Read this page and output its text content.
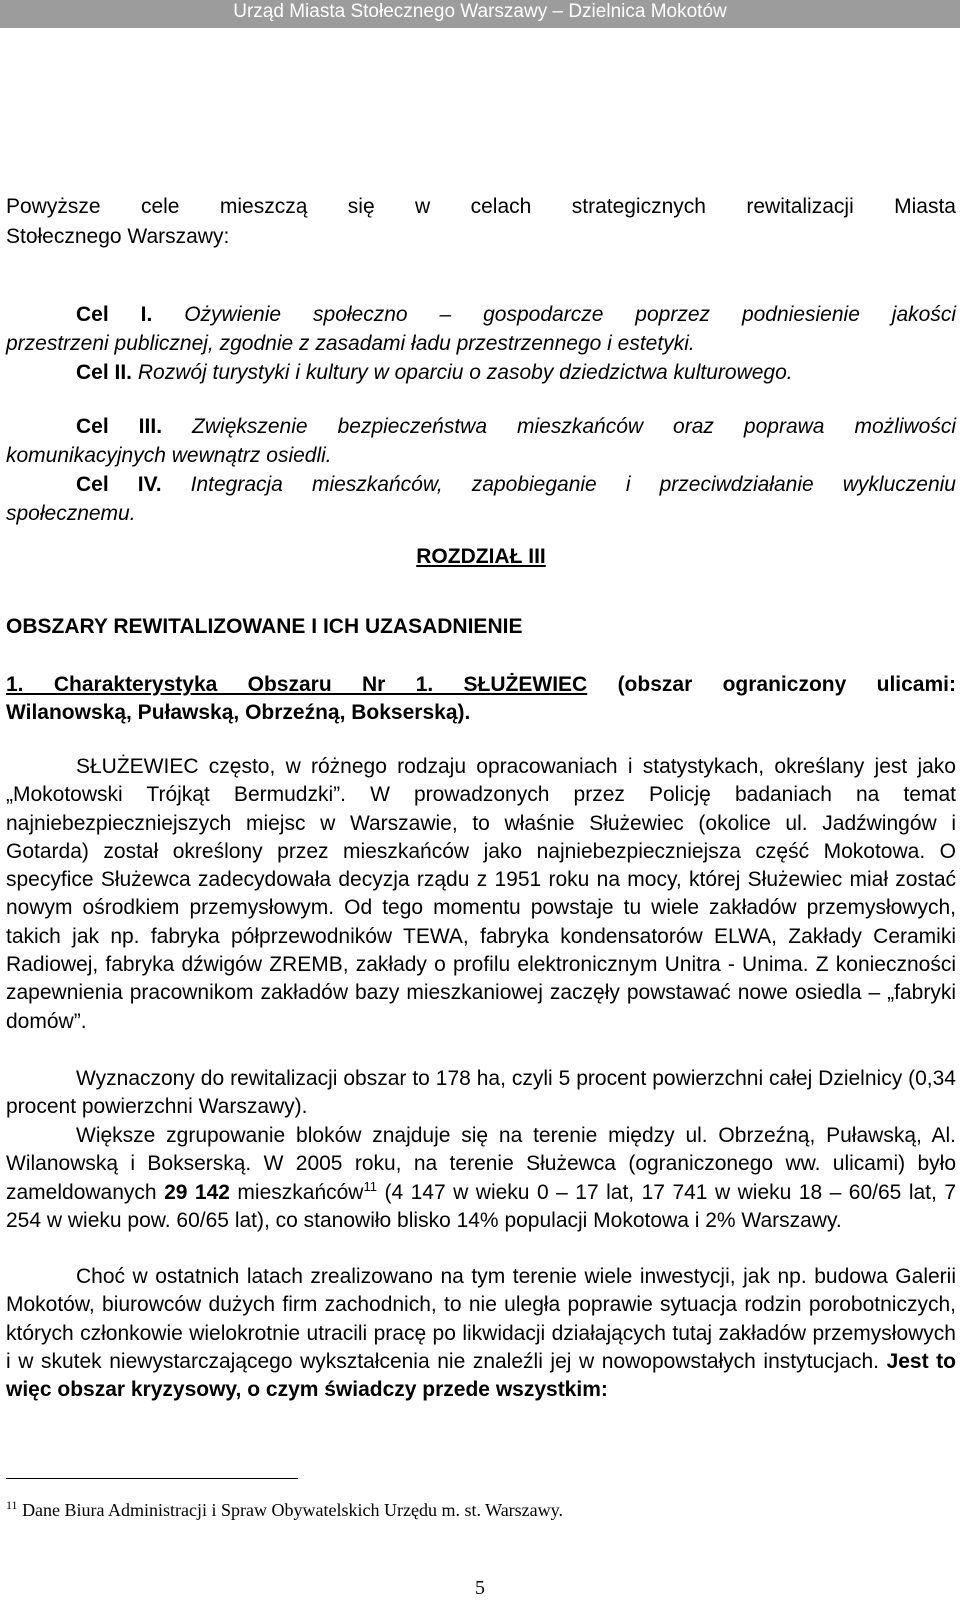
Urząd Miasta Stołecznego Warszawy – Dzielnica Mokotów
Powyższe cele mieszczą się w celach strategicznych rewitalizacji Miasta
Stołecznego Warszawy:
Cel I. Ożywienie społeczno – gospodarcze poprzez podniesienie jakości
przestrzeni publicznej, zgodnie z zasadami ładu przestrzennego i estetyki.
Cel II. Rozwój turystyki i kultury w oparciu o zasoby dziedzictwa kulturowego.
Cel III. Zwiększenie bezpieczeństwa mieszkańców oraz poprawa możliwości
komunikacyjnych wewnątrz osiedli.
Cel IV. Integracja mieszkańców, zapobieganie i przeciwdziałanie wykluczeniu
społecznemu.
ROZDZIAŁ III
OBSZARY REWITALIZOWANE I ICH UZASADNIENIE
1. Charakterystyka Obszaru Nr 1. SŁUŻEWIEC (obszar ograniczony ulicami:
Wilanowską, Puławską, Obrzeźną, Bokserską).
SŁUŻEWIEC często, w różnego rodzaju opracowaniach i statystykach, określany jest jako „Mokotowski Trójkąt Bermudzki”. W prowadzonych przez Policję badaniach na temat najniebezpieczniejszych miejsc w Warszawie, to właśnie Służewiec (okolice ul. Jadźwingów i Gotarda) został określony przez mieszkańców jako najniebezpieczniejsza część Mokotowa. O specyfice Służewca zadecydowała decyzja rządu z 1951 roku na mocy, której Służewiec miał zostać nowym ośrodkiem przemysłowym. Od tego momentu powstaje tu wiele zakładów przemysłowych, takich jak np. fabryka półprzewodników TEWA, fabryka kondensatorów ELWA, Zakłady Ceramiki Radiowej, fabryka dźwigów ZREMB, zakłady o profilu elektronicznym Unitra - Unima. Z konieczności zapewnienia pracownikom zakładów bazy mieszkaniowej zaczęły powstawać nowe osiedla – „fabryki domów”.
Wyznaczony do rewitalizacji obszar to 178 ha, czyli 5 procent powierzchni całej Dzielnicy (0,34 procent powierzchni Warszawy).
Większe zgrupowanie bloków znajduje się na terenie między ul. Obrzeźną, Puławską, Al. Wilanowską i Bokserską. W 2005 roku, na terenie Służewca (ograniczonego ww. ulicami) było zameldowanych 29 142 mieszkańców$^{11}$ (4 147 w wieku 0 – 17 lat, 17 741 w wieku 18 – 60/65 lat, 7 254 w wieku pow. 60/65 lat), co stanowiło blisko 14% populacji Mokotowa i 2% Warszawy.
Choć w ostatnich latach zrealizowano na tym terenie wiele inwestycji, jak np. budowa Galerii Mokotów, biurowców dużych firm zachodnich, to nie uległa poprawie sytuacja rodzin porobotniczych, których członkowie wielokrotnie utracili pracę po likwidacji działających tutaj zakładów przemysłowych i w skutek niewystarczającego wykształcenia nie znaleźli jej w nowopowstałych instytucjach. Jest to więc obszar kryzysowy, o czym świadczy przede wszystkim:
$^{11}$ Dane Biura Administracji i Spraw Obywatelskich Urzędu m. st. Warszawy.
5
